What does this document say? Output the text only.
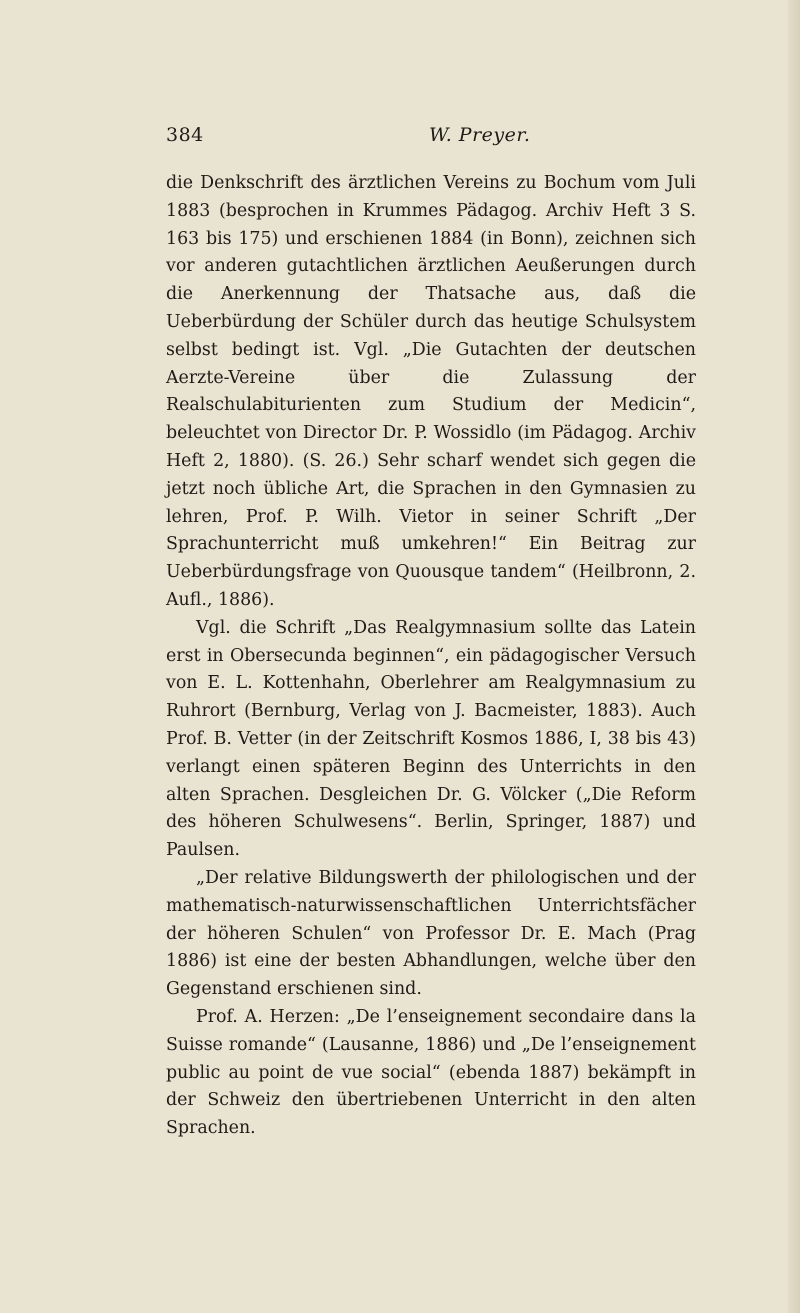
384	W. Preyer.

die Denkschrift des ärztlichen Vereins zu Bochum vom Juli 1883 (besprochen in Krummes Pädagog. Archiv Heft 3 S. 163 bis 175) und erschienen 1884 (in Bonn), zeichnen sich vor anderen gutachtlichen ärztlichen Aeußerungen durch die Anerkennung der Thatsache aus, daß die Ueberbürdung der Schüler durch das heutige Schulsystem selbst bedingt ist. Vgl. „Die Gutachten der deutschen Aerzte-Vereine über die Zulassung der Realschulabiturienten zum Studium der Medicin“, beleuchtet von Director Dr. P. Wossidlo (im Pädagog. Archiv Heft 2, 1880). (S. 26.) Sehr scharf wendet sich gegen die jetzt noch übliche Art, die Sprachen in den Gymnasien zu lehren, Prof. P. Wilh. Vietor in seiner Schrift „Der Sprachunterricht muß umkehren!“ Ein Beitrag zur Ueberbürdungsfrage von Quousque tandem“ (Heilbronn, 2. Aufl., 1886).

Vgl. die Schrift „Das Realgymnasium sollte das Latein erst in Obersecunda beginnen“, ein pädagogischer Versuch von E. L. Kottenhahn, Oberlehrer am Realgymnasium zu Ruhrort (Bernburg, Verlag von J. Bacmeister, 1883). Auch Prof. B. Vetter (in der Zeitschrift Kosmos 1886, I, 38 bis 43) verlangt einen späteren Beginn des Unterrichts in den alten Sprachen. Desgleichen Dr. G. Völcker („Die Reform des höheren Schulwesens“. Berlin, Springer, 1887) und Paulsen.

„Der relative Bildungswerth der philologischen und der mathematisch-naturwissenschaftlichen Unterrichtsfächer der höheren Schulen“ von Professor Dr. E. Mach (Prag 1886) ist eine der besten Abhandlungen, welche über den Gegenstand erschienen sind.

Prof. A. Herzen: „De l’enseignement secondaire dans la Suisse romande“ (Lausanne, 1886) und „De l’enseignement public au point de vue social“ (ebenda 1887) bekämpft in der Schweiz den übertriebenen Unterricht in den alten Sprachen.
